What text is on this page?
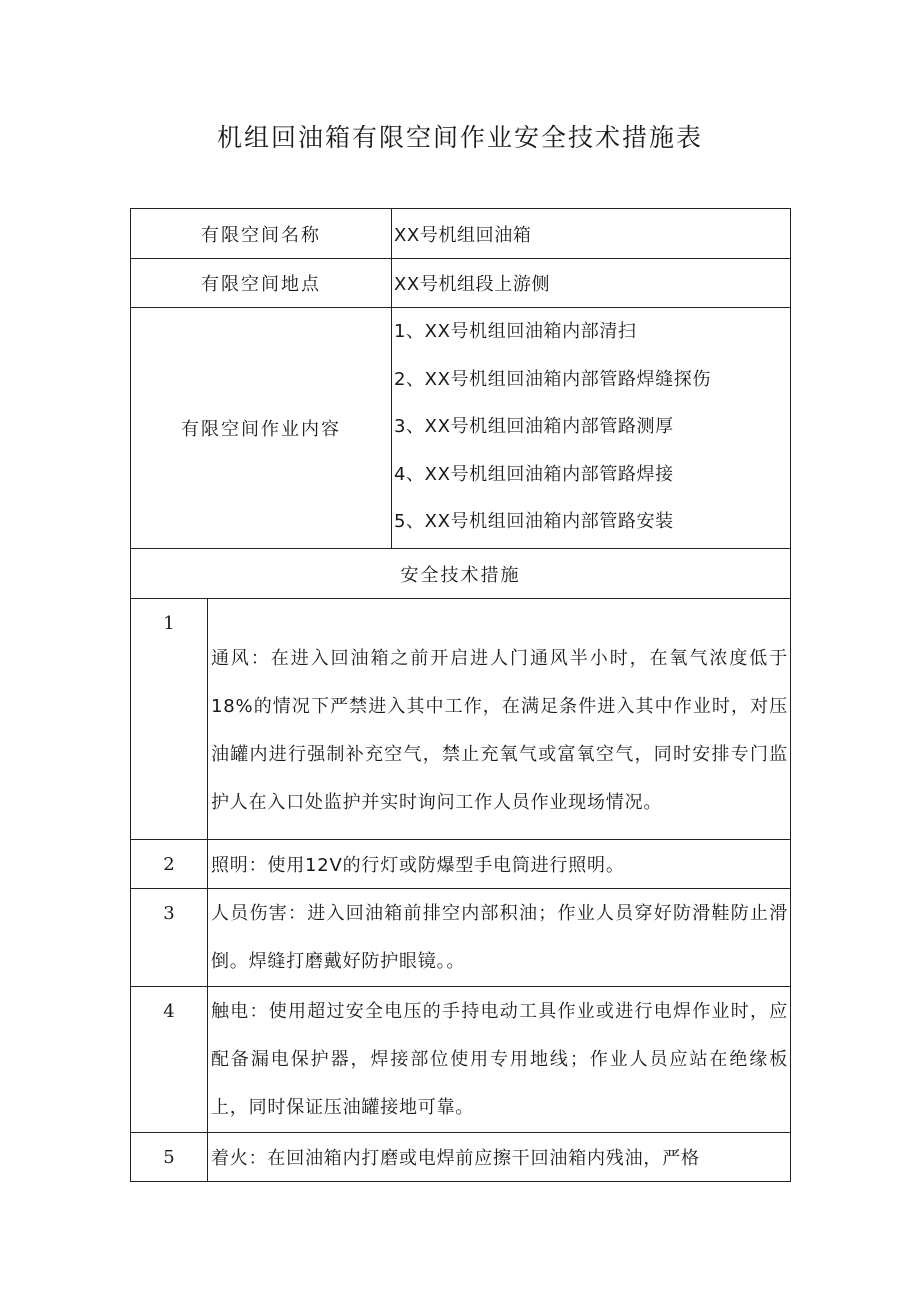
机组回油箱有限空间作业安全技术措施表
有限空间名称		XX号机组回油箱
有限空间地点		XX号机组段上游侧
有限空间作业内容		1、XX号机组回油箱内部清扫
2、XX号机组回油箱内部管路焊缝探伤
3、XX号机组回油箱内部管路测厚
4、XX号机组回油箱内部管路焊接
5、XX号机组回油箱内部管路安装

安全技术措施		
1	通风：在进入回油箱之前开启进人门通风半小时，在氧气浓度低于18%的情况下严禁进入其中工作，在满足条件进入其中作业时，对压油罐内进行强制补充空气，禁止充氧气或富氧空气，同时安排专门监护人在入口处监护并实时询问工作人员作业现场情况。	
2	照明：使用12V的行灯或防爆型手电筒进行照明。	
3	人员伤害：进入回油箱前排空内部积油；作业人员穿好防滑鞋防止滑倒。焊缝打磨戴好防护眼镜。。	
4	触电：使用超过安全电压的手持电动工具作业或进行电焊作业时，应配备漏电保护器，焊接部位使用专用地线；作业人员应站在绝缘板上，同时保证压油罐接地可靠。	
5	着火：在回油箱内打磨或电焊前应擦干回油箱内残油，严格	
